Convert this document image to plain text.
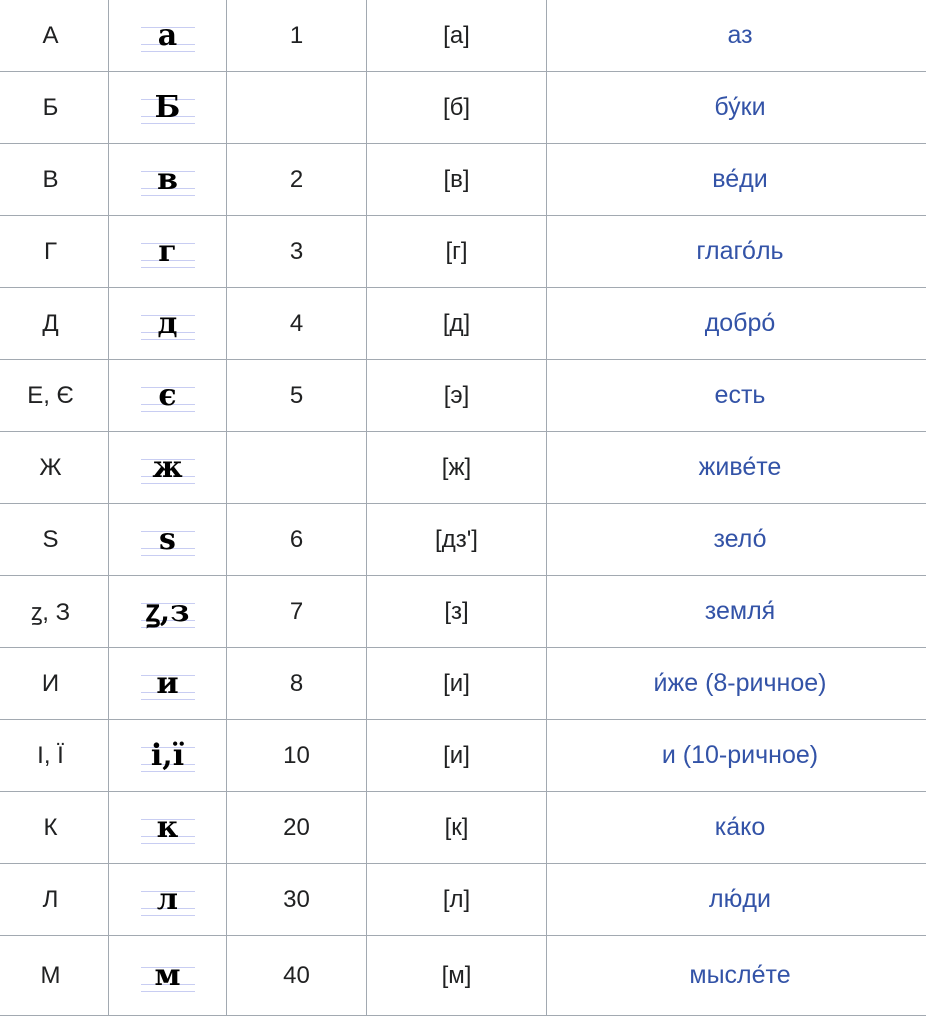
А	а	1	[а]	аз
Б	Б		[б]	бу́ки
В	в	2	[в]	ве́ди
Г	г	3	[г]	глаго́ль
Д	д	4	[д]	добро́
Е, Є	є	5	[э]	есть
Ж	ж		[ж]	живе́те
S	ѕ	6	[дз']	зело́
ꙁ, З	ꙁ,з	7	[з]	земля́
И	и	8	[и]	и́же (8-ричное)
І, Ї	і,ї	10	[и]	и (10-ричное)
К	к	20	[к]	ка́ко
Л	л	30	[л]	лю́ди
М	м	40	[м]	мысле́те
